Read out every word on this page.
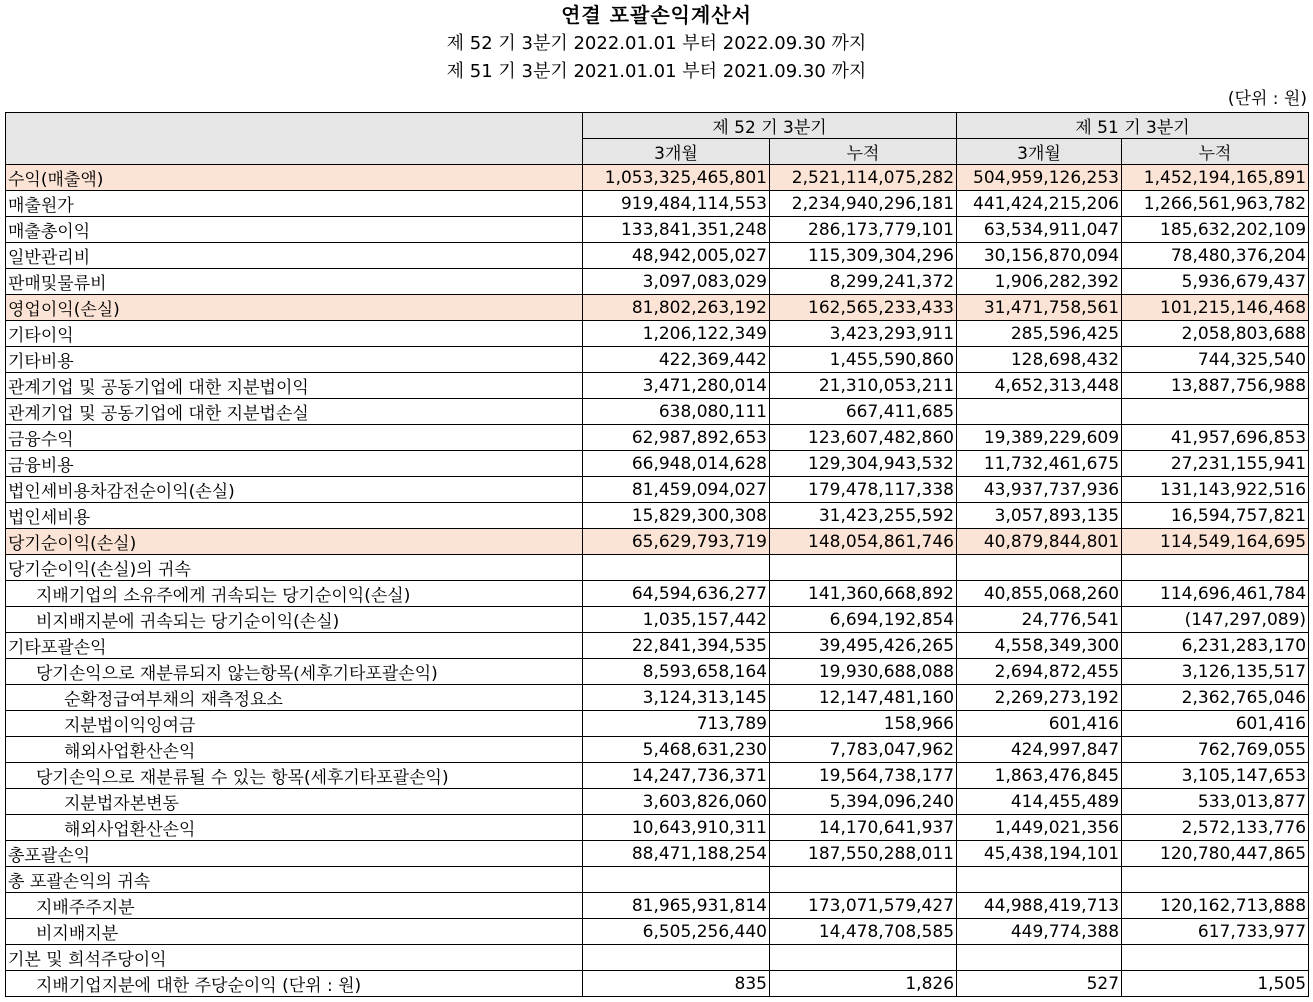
연결 포괄손익계산서
제 52 기 3분기 2022.01.01 부터 2022.09.30 까지
제 51 기 3분기 2021.01.01 부터 2021.09.30 까지
(단위 : 원)
	제 52 기 3분기		제 51 기 3분기	
	3개월	누적	3개월	누적
수익(매출액)	1,053,325,465,801	2,521,114,075,282	504,959,126,253	1,452,194,165,891
매출원가	919,484,114,553	2,234,940,296,181	441,424,215,206	1,266,561,963,782
매출총이익	133,841,351,248	286,173,779,101	63,534,911,047	185,632,202,109
일반관리비	48,942,005,027	115,309,304,296	30,156,870,094	78,480,376,204
판매및물류비	3,097,083,029	8,299,241,372	1,906,282,392	5,936,679,437
영업이익(손실)	81,802,263,192	162,565,233,433	31,471,758,561	101,215,146,468
기타이익	1,206,122,349	3,423,293,911	285,596,425	2,058,803,688
기타비용	422,369,442	1,455,590,860	128,698,432	744,325,540
관계기업 및 공동기업에 대한 지분법이익	3,471,280,014	21,310,053,211	4,652,313,448	13,887,756,988
관계기업 및 공동기업에 대한 지분법손실	638,080,111	667,411,685		
금융수익	62,987,892,653	123,607,482,860	19,389,229,609	41,957,696,853
금융비용	66,948,014,628	129,304,943,532	11,732,461,675	27,231,155,941
법인세비용차감전순이익(손실)	81,459,094,027	179,478,117,338	43,937,737,936	131,143,922,516
법인세비용	15,829,300,308	31,423,255,592	3,057,893,135	16,594,757,821
당기순이익(손실)	65,629,793,719	148,054,861,746	40,879,844,801	114,549,164,695
당기순이익(손실)의 귀속				
지배기업의 소유주에게 귀속되는 당기순이익(손실)	64,594,636,277	141,360,668,892	40,855,068,260	114,696,461,784
비지배지분에 귀속되는 당기순이익(손실)	1,035,157,442	6,694,192,854	24,776,541	(147,297,089)
기타포괄손익	22,841,394,535	39,495,426,265	4,558,349,300	6,231,283,170
당기손익으로 재분류되지 않는항목(세후기타포괄손익)	8,593,658,164	19,930,688,088	2,694,872,455	3,126,135,517
순확정급여부채의 재측정요소	3,124,313,145	12,147,481,160	2,269,273,192	2,362,765,046
지분법이익잉여금	713,789	158,966	601,416	601,416
해외사업환산손익	5,468,631,230	7,783,047,962	424,997,847	762,769,055
당기손익으로 재분류될 수 있는 항목(세후기타포괄손익)	14,247,736,371	19,564,738,177	1,863,476,845	3,105,147,653
지분법자본변동	3,603,826,060	5,394,096,240	414,455,489	533,013,877
해외사업환산손익	10,643,910,311	14,170,641,937	1,449,021,356	2,572,133,776
총포괄손익	88,471,188,254	187,550,288,011	45,438,194,101	120,780,447,865
총 포괄손익의 귀속				
지배주주지분	81,965,931,814	173,071,579,427	44,988,419,713	120,162,713,888
비지배지분	6,505,256,440	14,478,708,585	449,774,388	617,733,977
기본 및 희석주당이익				
지배기업지분에 대한 주당순이익 (단위 : 원)	835	1,826	527	1,505
